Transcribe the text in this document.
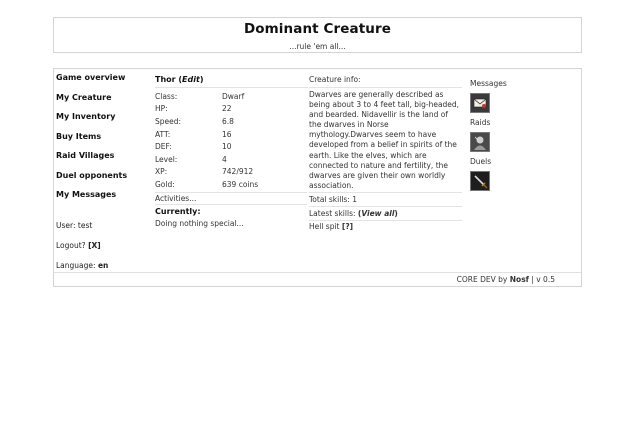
Dominant Creature
...rule 'em all...
Game overview
My Creature
My Inventory
Buy Items
Raid Villages
Duel opponents
My Messages
User: test
Logout? [X]
Language: en
Thor (Edit)
Class:	Dwarf
HP:	22
Speed:	6.8
ATT:	16
DEF:	10
Level:	4
XP:	742/912
Gold:	639 coins
Activities...
Currently:
Doing nothing special...
Creature info:
Dwarves are generally described as being about 3 to 4 feet tall, big-headed, and bearded. Nidavellir is the land of the dwarves in Norse mythology.Dwarves seem to have developed from a belief in spirits of the earth. Like the elves, which are connected to nature and fertility, the dwarves are given their own worldly association.
Total skills: 1
Latest skills: (View all)
Hell spit [?]
Messages
Raids
Duels
CORE DEV by Nosf | v 0.5
